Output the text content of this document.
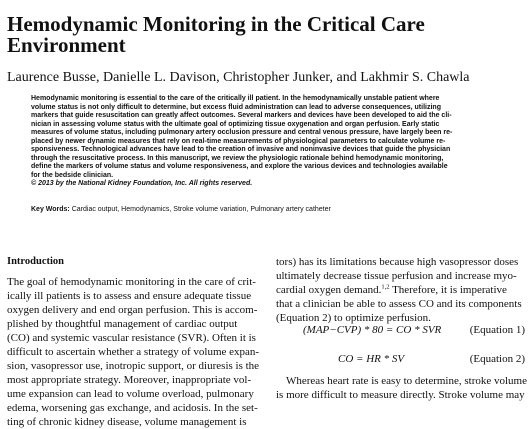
Hemodynamic Monitoring in the Critical Care
Environment
Laurence Busse, Danielle L. Davison, Christopher Junker, and Lakhmir S. Chawla
Hemodynamic monitoring is essential to the care of the critically ill patient. In the hemodynamically unstable patient where
volume status is not only difficult to determine, but excess fluid administration can lead to adverse consequences, utilizing
markers that guide resuscitation can greatly affect outcomes. Several markers and devices have been developed to aid the cli-
nician in assessing volume status with the ultimate goal of optimizing tissue oxygenation and organ perfusion. Early static
measures of volume status, including pulmonary artery occlusion pressure and central venous pressure, have largely been re-
placed by newer dynamic measures that rely on real-time measurements of physiological parameters to calculate volume re-
sponsiveness. Technological advances have lead to the creation of invasive and noninvasive devices that guide the physician
through the resuscitative process. In this manuscript, we review the physiologic rationale behind hemodynamic monitoring,
define the markers of volume status and volume responsiveness, and explore the various devices and technologies available
for the bedside clinician.
© 2013 by the National Kidney Foundation, Inc. All rights reserved.
Key Words: Cardiac output, Hemodynamics, Stroke volume variation, Pulmonary artery catheter
Introduction
The goal of hemodynamic monitoring in the care of crit-
ically ill patients is to assess and ensure adequate tissue
oxygen delivery and end organ perfusion. This is accom-
plished by thoughtful management of cardiac output
(CO) and systemic vascular resistance (SVR). Often it is
difficult to ascertain whether a strategy of volume expan-
sion, vasopressor use, inotropic support, or diuresis is the
most appropriate strategy. Moreover, inappropriate vol-
ume expansion can lead to volume overload, pulmonary
edema, worsening gas exchange, and acidosis. In the set-
ting of chronic kidney disease, volume management is
tors) has its limitations because high vasopressor doses
ultimately decrease tissue perfusion and increase myo-
cardial oxygen demand.$^{1,2}$ Therefore, it is imperative
that a clinician be able to assess CO and its components
(Equation 2) to optimize perfusion.
(MAP−CVP) * 80 = CO * SVR	(Equation 1)
CO = HR * SV	(Equation 2)
Whereas heart rate is easy to determine, stroke volume
is more difficult to measure directly. Stroke volume may
